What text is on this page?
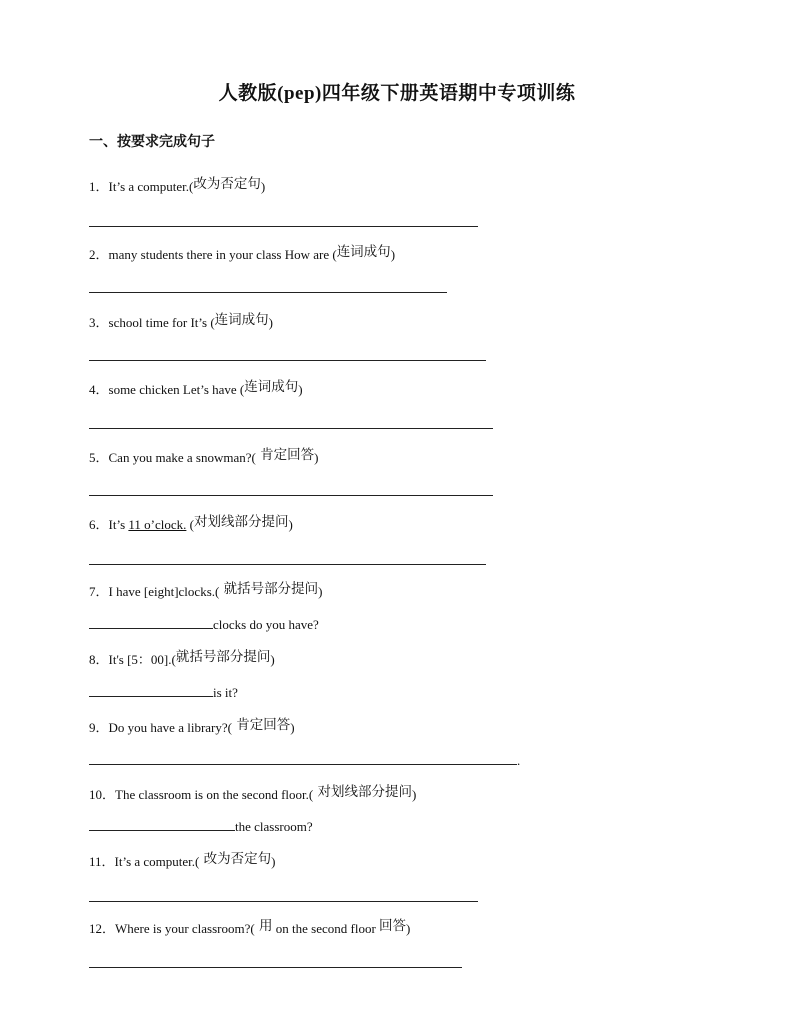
人教版(pep)四年级下册英语期中专项训练
一、按要求完成句子
1．It’s a computer.(改为否定句)
2．many students there in your class How are (连词成句)
3．school time for It’s (连词成句)
4．some chicken Let’s have (连词成句)
5．Can you make a snowman?( 肯定回答)
6．It’s 11 o’clock. (对划线部分提问)
7．I have [eight]clocks.( 就括号部分提问)
clocks do you have?
8．It's [5：00].(就括号部分提问)
is it?
9．Do you have a library?( 肯定回答)
.
10．The classroom is on the second floor.( 对划线部分提问)
the classroom?
11．It’s a computer.( 改为否定句)
12．Where is your classroom?( 用 on the second floor 回答)
